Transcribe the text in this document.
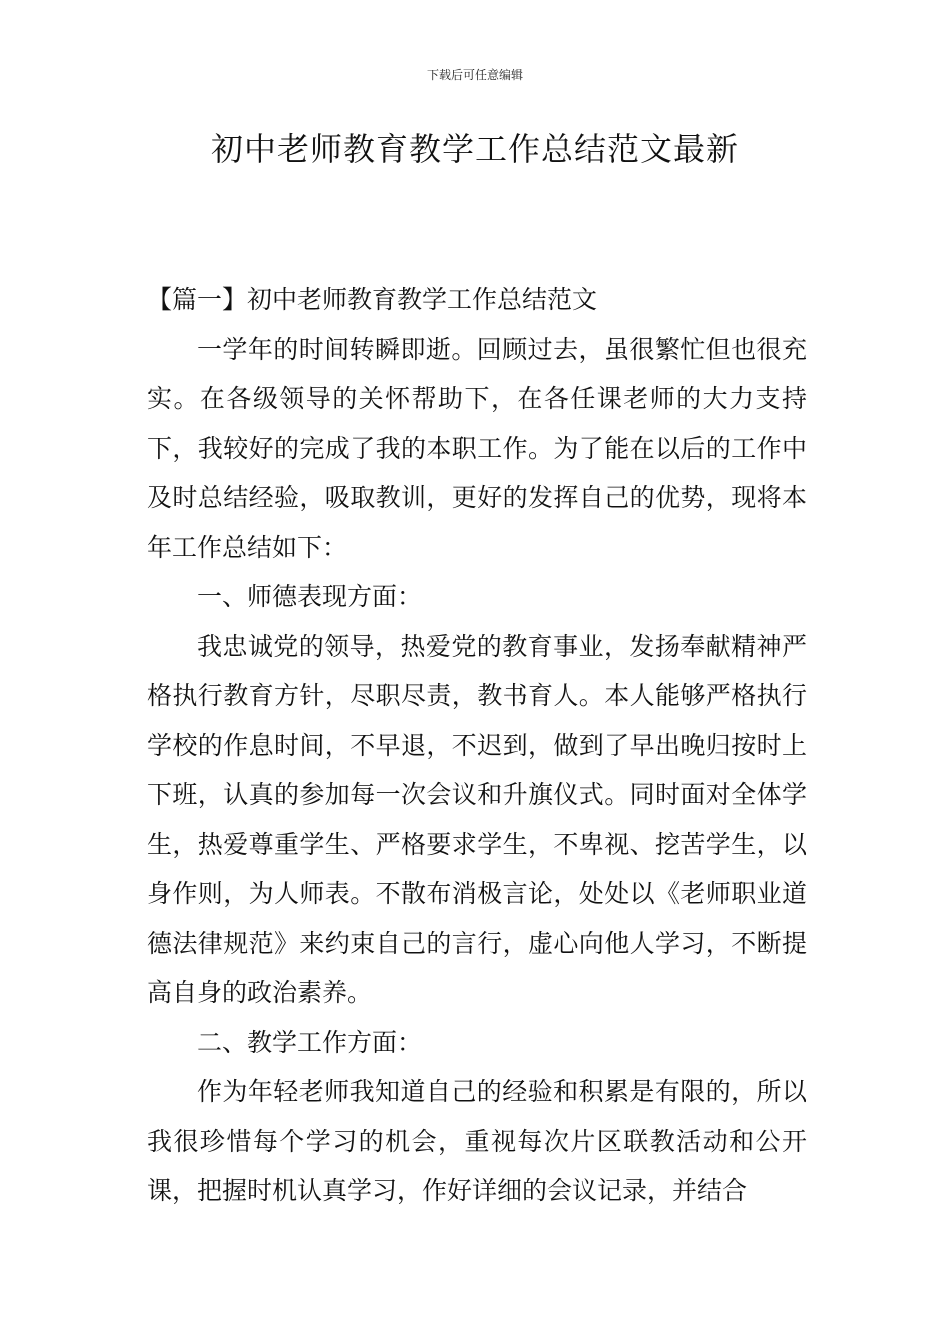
下载后可任意编辑
初中老师教育教学工作总结范文最新

【篇一】初中老师教育教学工作总结范文

一学年的时间转瞬即逝。回顾过去，虽很繁忙但也很充实。在各级领导的关怀帮助下，在各任课老师的大力支持下，我较好的完成了我的本职工作。为了能在以后的工作中及时总结经验，吸取教训，更好的发挥自己的优势，现将本年工作总结如下：

一、师德表现方面：

我忠诚党的领导，热爱党的教育事业，发扬奉献精神严格执行教育方针，尽职尽责，教书育人。本人能够严格执行学校的作息时间，不早退，不迟到，做到了早出晚归按时上下班，认真的参加每一次会议和升旗仪式。同时面对全体学生，热爱尊重学生、严格要求学生，不卑视、挖苦学生，以身作则，为人师表。不散布消极言论，处处以《老师职业道德法律规范》来约束自己的言行，虚心向他人学习，不断提高自身的政治素养。

二、教学工作方面：

作为年轻老师我知道自己的经验和积累是有限的，所以我很珍惜每个学习的机会，重视每次片区联教活动和公开课，把握时机认真学习，作好详细的会议记录，并结合
